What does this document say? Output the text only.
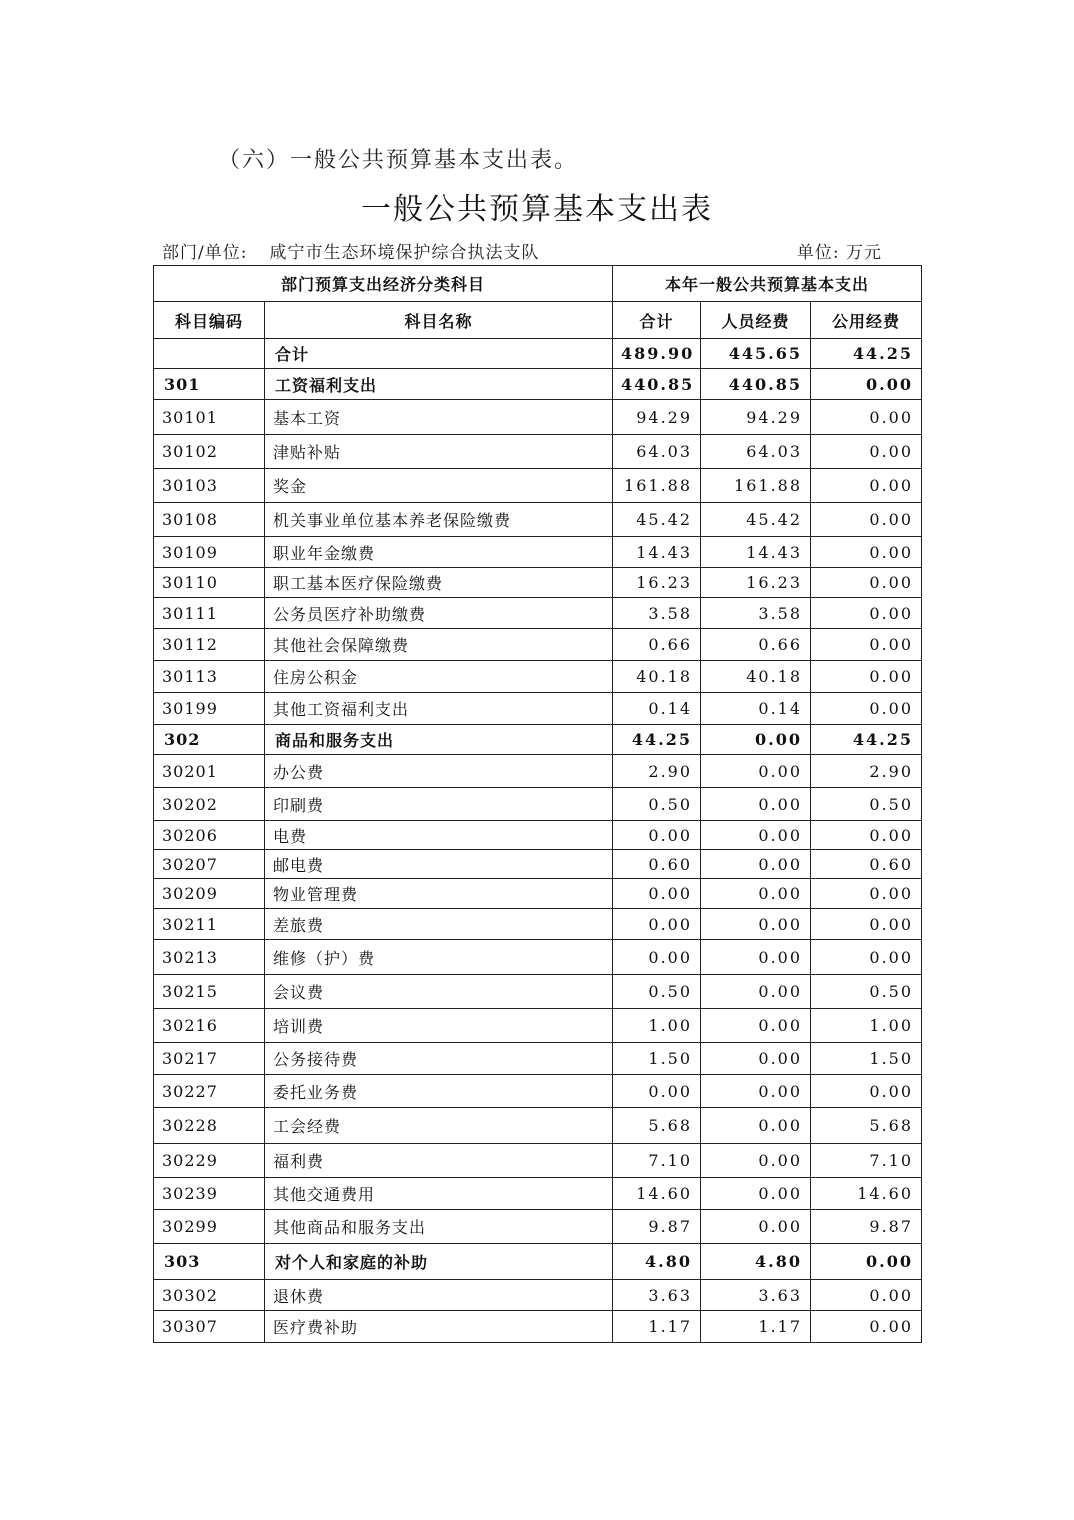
（六）一般公共预算基本支出表。
一般公共预算基本支出表
部门/单位: 咸宁市生态环境保护综合执法支队	单位: 万元
部门预算支出经济分类科目		本年一般公共预算基本支出		
科目编码	科目名称	合计	人员经费	公用经费
	合计	489.90	445.65	44.25
301	工资福利支出	440.85	440.85	0.00
30101	基本工资	94.29	94.29	0.00
30102	津贴补贴	64.03	64.03	0.00
30103	奖金	161.88	161.88	0.00
30108	机关事业单位基本养老保险缴费	45.42	45.42	0.00
30109	职业年金缴费	14.43	14.43	0.00
30110	职工基本医疗保险缴费	16.23	16.23	0.00
30111	公务员医疗补助缴费	3.58	3.58	0.00
30112	其他社会保障缴费	0.66	0.66	0.00
30113	住房公积金	40.18	40.18	0.00
30199	其他工资福利支出	0.14	0.14	0.00
302	商品和服务支出	44.25	0.00	44.25
30201	办公费	2.90	0.00	2.90
30202	印刷费	0.50	0.00	0.50
30206	电费	0.00	0.00	0.00
30207	邮电费	0.60	0.00	0.60
30209	物业管理费	0.00	0.00	0.00
30211	差旅费	0.00	0.00	0.00
30213	维修（护）费	0.00	0.00	0.00
30215	会议费	0.50	0.00	0.50
30216	培训费	1.00	0.00	1.00
30217	公务接待费	1.50	0.00	1.50
30227	委托业务费	0.00	0.00	0.00
30228	工会经费	5.68	0.00	5.68
30229	福利费	7.10	0.00	7.10
30239	其他交通费用	14.60	0.00	14.60
30299	其他商品和服务支出	9.87	0.00	9.87
303	对个人和家庭的补助	4.80	4.80	0.00
30302	退休费	3.63	3.63	0.00
30307	医疗费补助	1.17	1.17	0.00
